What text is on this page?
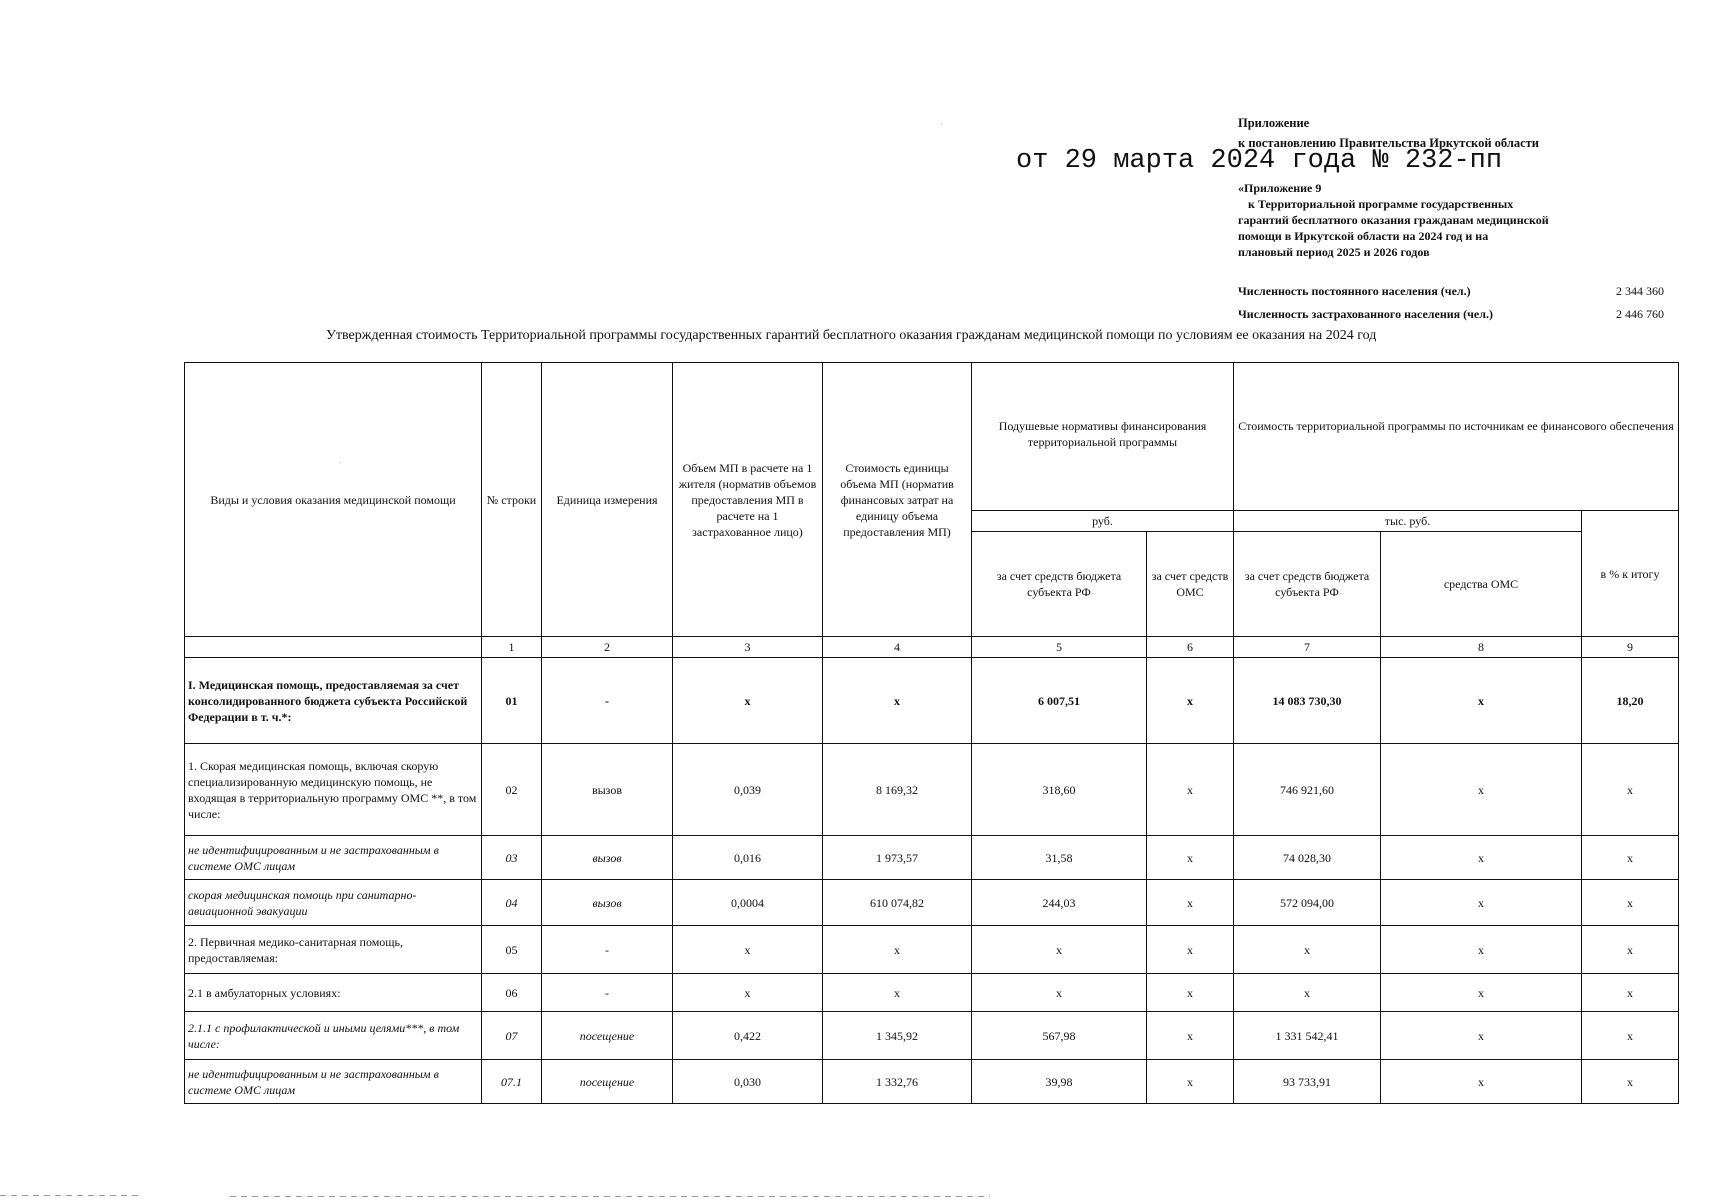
Приложение
к постановлению Правительства Иркутской области
от 29 марта 2024 года № 232-пп
«Приложение 9
к Территориальной программе государственных
гарантий бесплатного оказания гражданам медицинской
помощи в Иркутской области на 2024 год и на
плановый период 2025 и 2026 годов
Численность постоянного населения (чел.)	2 344 360
Численность застрахованного населения (чел.)	2 446 760
Утвержденная стоимость Территориальной программы государственных гарантий бесплатного оказания гражданам медицинской помощи по условиям ее оказания на 2024 год
Виды и условия оказания медицинской помощи	№ строки	Единица измерения	Объем МП в расчете на 1 жителя (норматив объемов предоставления МП в расчете на 1 застрахованное лицо)	Стоимость единицы объема МП (норматив финансовых затрат на единицу объема предоставления МП)	Подушевые нормативы финансирования территориальной программы		Стоимость территориальной программы по источникам ее финансового обеспечения		
					руб.		тыс. руб.		в % к итогу
					за счет средств бюджета субъекта РФ	за счет средств ОМС	за счет средств бюджета субъекта РФ	средства ОМС	
	1	2	3	4	5	6	7	8	9
I. Медицинская помощь, предоставляемая за счет консолидированного бюджета субъекта Российской Федерации в т. ч.*:	01	-	x	x	6 007,51	x	14 083 730,30	x	18,20
1. Скорая медицинская помощь, включая скорую специализированную медицинскую помощь, не входящая в территориальную программу ОМС **, в том числе:	02	вызов	0,039	8 169,32	318,60	x	746 921,60	x	x
не идентифицированным и не застрахованным в системе ОМС лицам	03	вызов	0,016	1 973,57	31,58	x	74 028,30	x	x
скорая медицинская помощь при санитарно-авиационной эвакуации	04	вызов	0,0004	610 074,82	244,03	x	572 094,00	x	x
2. Первичная медико-санитарная помощь, предоставляемая:	05	-	x	x	x	x	x	x	x
2.1 в амбулаторных условиях:	06	-	x	x	x	x	x	x	x
2.1.1 с профилактической и иными целями***, в том числе:	07	посещение	0,422	1 345,92	567,98	x	1 331 542,41	x	x
не идентифицированным и не застрахованным в системе ОМС лицам	07.1	посещение	0,030	1 332,76	39,98	x	93 733,91	x	x
